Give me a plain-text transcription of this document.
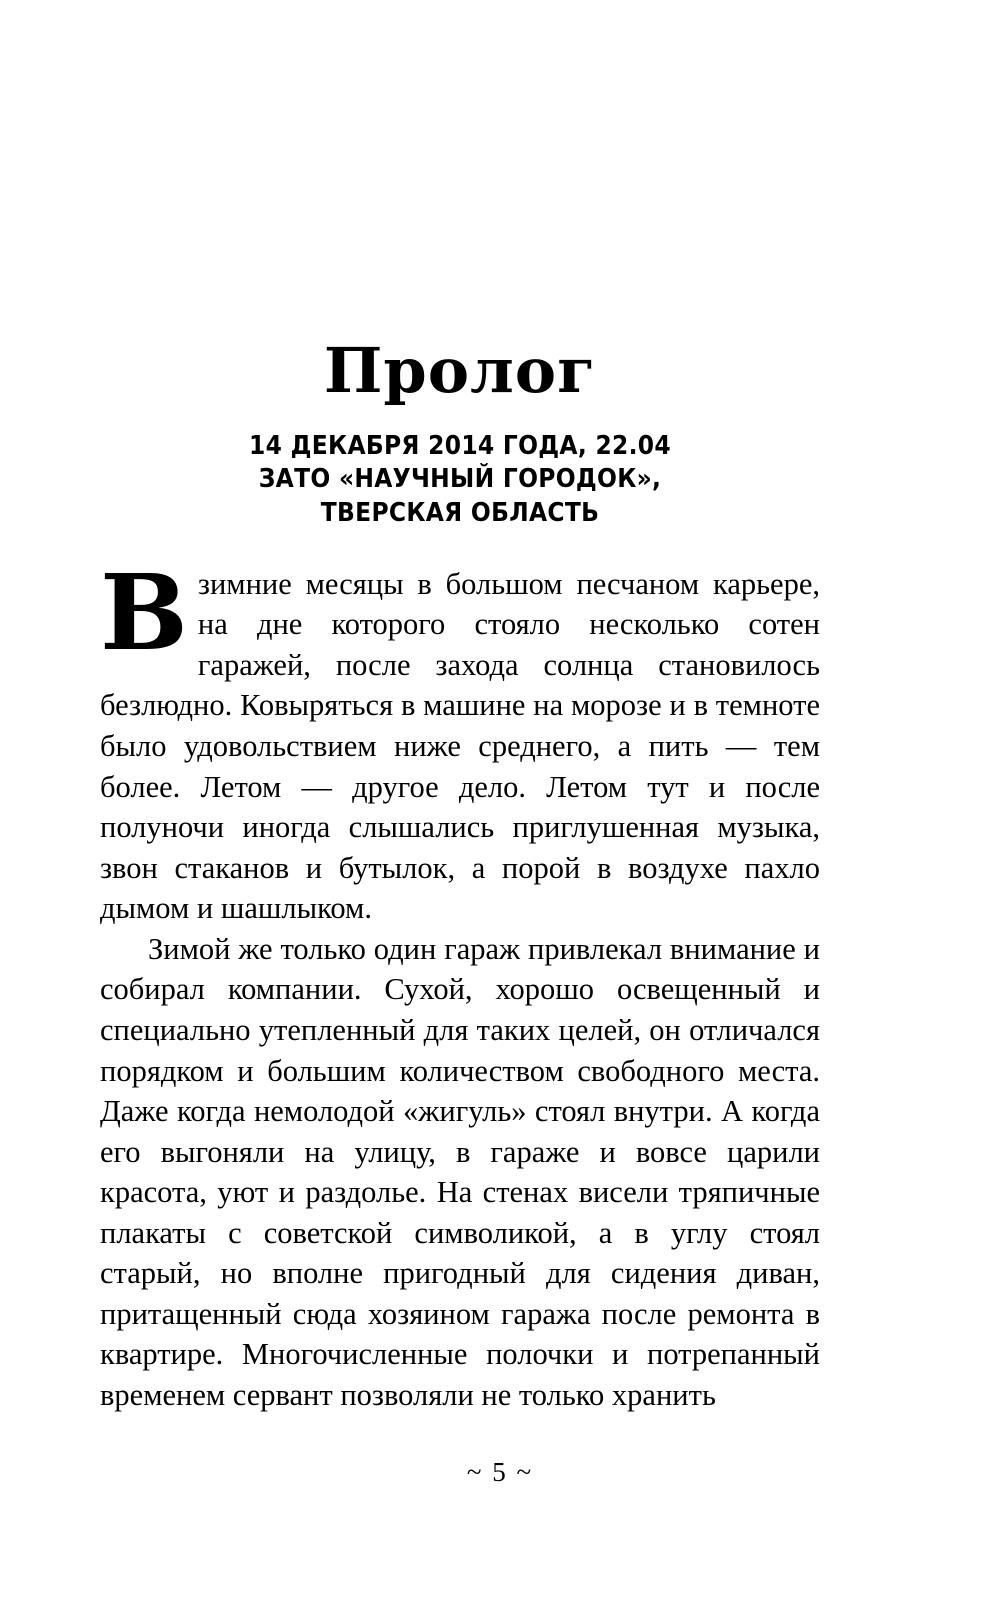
Пролог
14 ДЕКАБРЯ 2014 ГОДА, 22.04
ЗАТО «НАУЧНЫЙ ГОРОДОК»,
ТВЕРСКАЯ ОБЛАСТЬ

Взимние месяцы в большом песчаном карьере, на дне которого стояло несколько сотен гаражей, после захода солнца становилось безлюдно. Ковыряться в машине на морозе и в темноте было удовольствием ниже среднего, а пить — тем более. Летом — другое дело. Летом тут и после полуночи иногда слышались приглушенная музыка, звон стаканов и бутылок, а порой в воздухе пахло дымом и шашлыком.

Зимой же только один гараж привлекал внимание и собирал компании. Сухой, хорошо освещенный и специально утепленный для таких целей, он отличался порядком и большим количеством свободного места. Даже когда немолодой «жигуль» стоял внутри. А когда его выгоняли на улицу, в гараже и вовсе царили красота, уют и раздолье. На стенах висели тряпичные плакаты с советской символикой, а в углу стоял старый, но вполне пригодный для сидения диван, притащенный сюда хозяином гаража после ремонта в квартире. Многочисленные полочки и потрепанный временем сервант позволяли не только хранить

~ 5 ~
